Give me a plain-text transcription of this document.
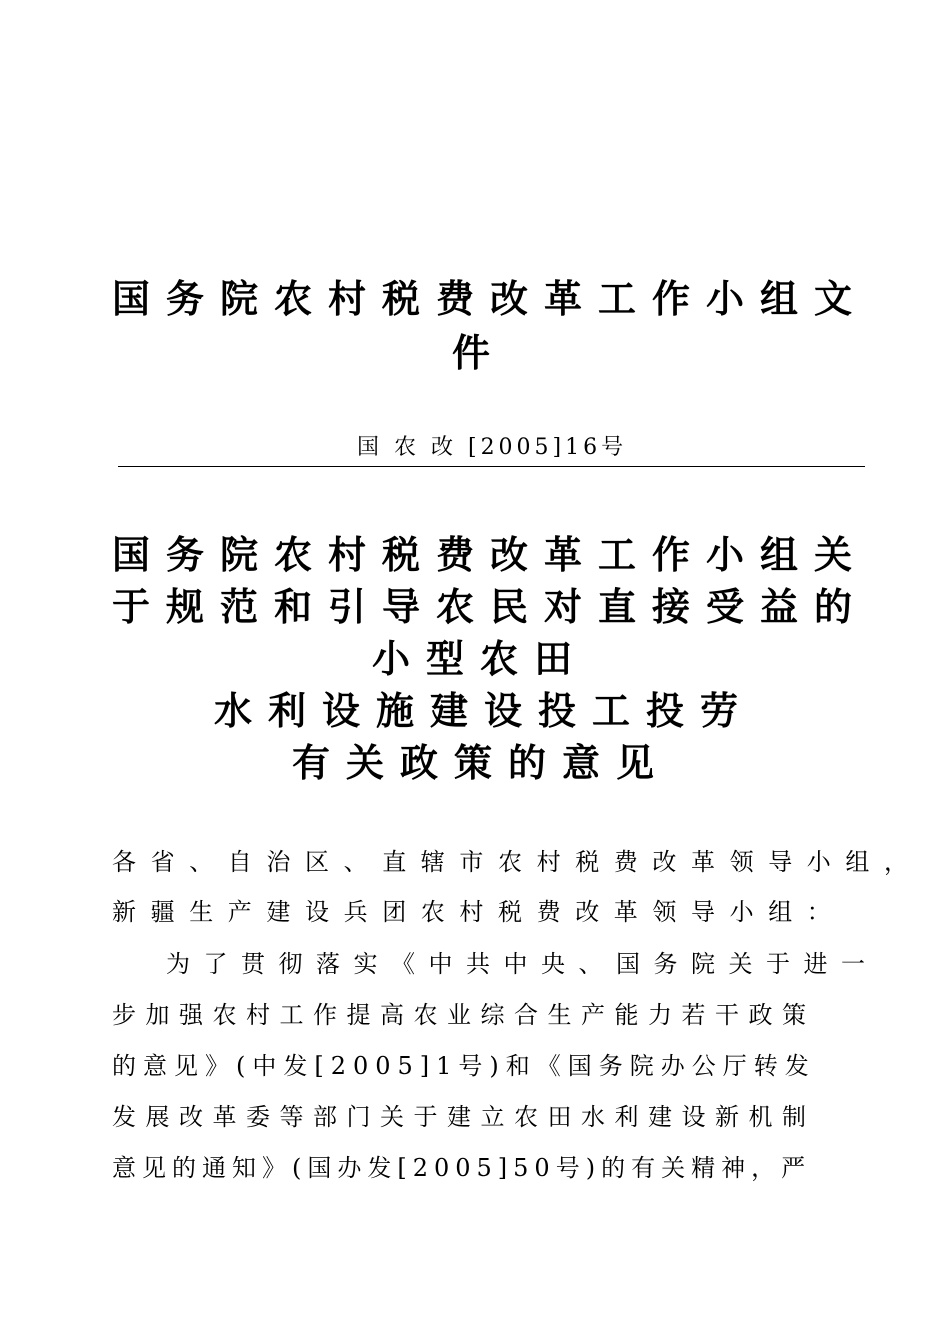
国务院农村税费改革工作小组文
件
国 农 改 [2005]16号
国务院农村税费改革工作小组关
于规范和引导农民对直接受益的
小型农田
水利设施建设投工投劳
有关政策的意见
各省、自治区、直辖市农村税费改革领导小组，
新疆生产建设兵团农村税费改革领导小组：
为了贯彻落实《中共中央、国务院关于进一
步加强农村工作提高农业综合生产能力若干政策
的意见》(中发[2005]1号)和《国务院办公厅转发
发展改革委等部门关于建立农田水利建设新机制
意见的通知》(国办发[2005]50号)的有关精神，严
